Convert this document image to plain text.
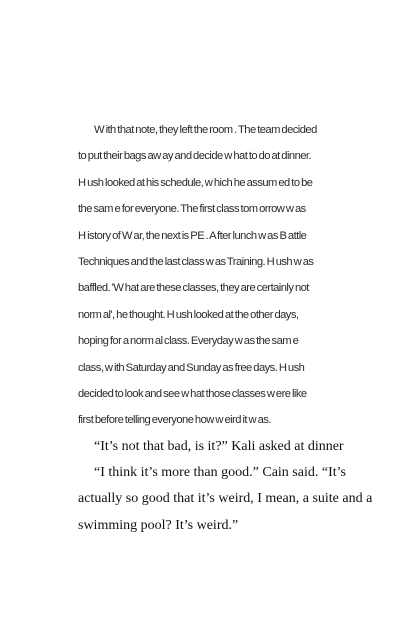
W ith that note, they left the room . The team decided
to put their bags aw ay and decide w hat to do at dinner.
H ush looked at his schedule, w hich he assum ed to be
the sam e for everyone. The first class tom orrow w as
H istory of W ar, the next is PE . A fter lunch w as B attle
Techniques and the last class w as Training. H ush w as
baffled. 'W hat are these classes, they are certainly not
norm al', he thought. H ush looked at the other days,
hoping for a norm al class. Everyday w as the sam e
class, w ith Saturday and Sunday as free days. H ush
decided to look and see w hat those classes w ere like
first before telling everyone how w eird it w as.
“It’s not that bad, is it?” Kali asked at dinner
“I think it’s more than good.” Cain said. “It’s
actually so good that it’s weird, I mean, a suite and a
swimming pool? It’s weird.”
